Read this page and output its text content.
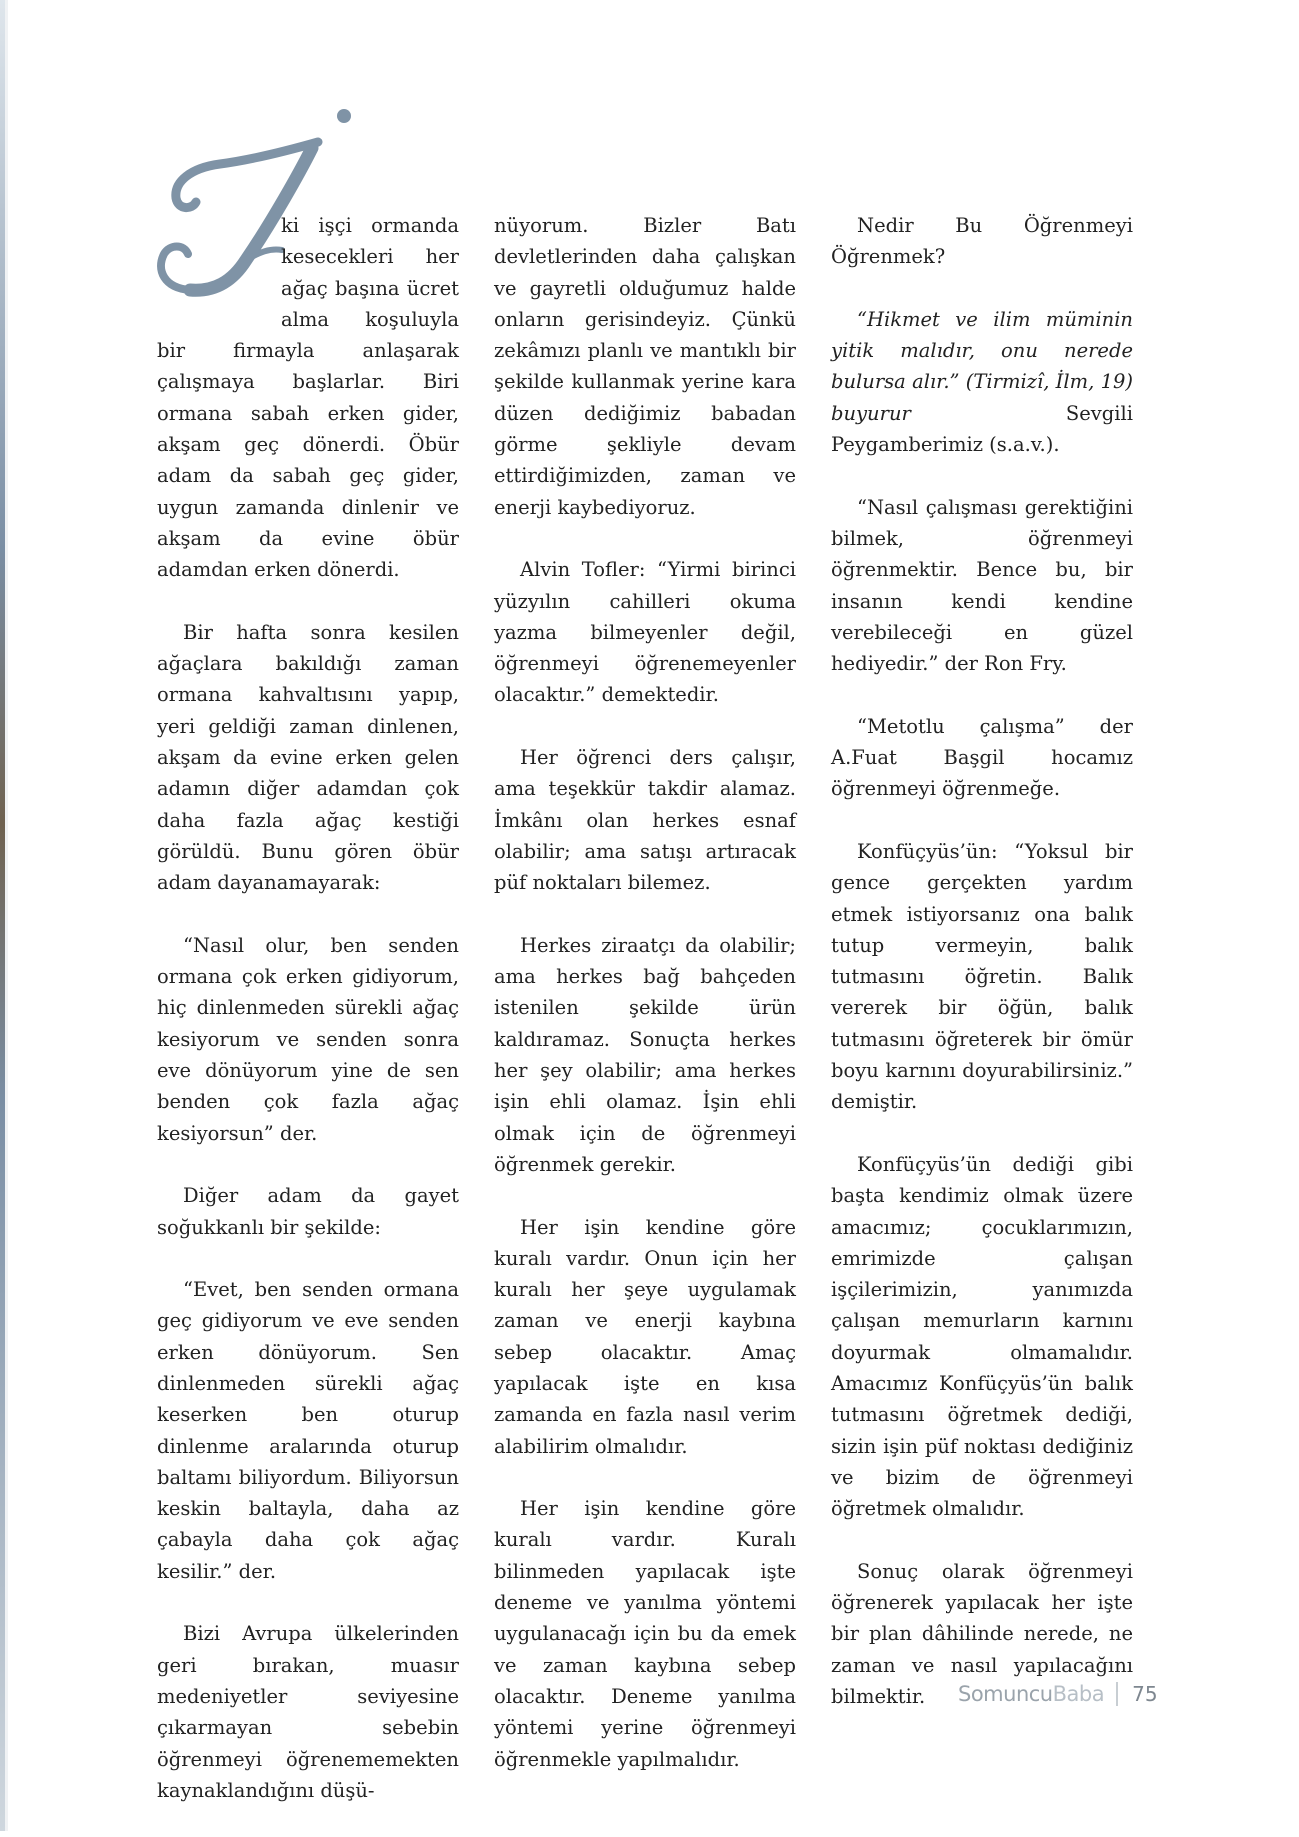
ki işçi ormanda kesecekleri her ağaç başına ücret alma koşuluyla bir firmayla anlaşarak çalışmaya başlarlar. Biri ormana sabah erken gider, akşam geç dönerdi. Öbür adam da sabah geç gider, uygun zamanda dinlenir ve akşam da evine öbür adamdan erken dönerdi.

Bir hafta sonra kesilen ağaçlara bakıldığı zaman ormana kahvaltısını yapıp, yeri geldiği zaman dinlenen, akşam da evine erken gelen adamın diğer adamdan çok daha fazla ağaç kestiği görüldü. Bunu gören öbür adam dayanamayarak:

“Nasıl olur, ben senden ormana çok erken gidiyorum, hiç dinlenmeden sürekli ağaç kesiyorum ve senden sonra eve dönüyorum yine de sen benden çok fazla ağaç kesiyorsun” der.

Diğer adam da gayet soğukkanlı bir şekilde:

“Evet, ben senden ormana geç gidiyorum ve eve senden erken dönüyorum. Sen dinlenmeden sürekli ağaç keserken ben oturup dinlenme aralarında oturup baltamı biliyordum. Biliyorsun keskin baltayla, daha az çabayla daha çok ağaç kesilir.” der.

Bizi Avrupa ülkelerinden geri bırakan, muasır medeniyetler seviyesine çıkarmayan sebebin öğrenmeyi öğrenememekten kaynaklandığını düşü-

nüyorum. Bizler Batı devletlerinden daha çalışkan ve gayretli olduğumuz halde onların gerisindeyiz. Çünkü zekâmızı planlı ve mantıklı bir şekilde kullanmak yerine kara düzen dediğimiz babadan görme şekliyle devam ettirdiğimizden, zaman ve enerji kaybediyoruz.

Alvin Tofler: “Yirmi birinci yüzyılın cahilleri okuma yazma bilmeyenler değil, öğrenmeyi öğrenemeyenler olacaktır.” demektedir.

Her öğrenci ders çalışır, ama teşekkür takdir alamaz. İmkânı olan herkes esnaf olabilir; ama satışı artıracak püf noktaları bilemez.

Herkes ziraatçı da olabilir; ama herkes bağ bahçeden istenilen şekilde ürün kaldıramaz. Sonuçta herkes her şey olabilir; ama herkes işin ehli olamaz. İşin ehli olmak için de öğrenmeyi öğrenmek gerekir.

Her işin kendine göre kuralı vardır. Onun için her kuralı her şeye uygulamak zaman ve enerji kaybına sebep olacaktır. Amaç yapılacak işte en kısa zamanda en fazla nasıl verim alabilirim olmalıdır.

Her işin kendine göre kuralı vardır. Kuralı bilinmeden yapılacak işte deneme ve yanılma yöntemi uygulanacağı için bu da emek ve zaman kaybına sebep olacaktır. Deneme yanılma yöntemi yerine öğrenmeyi öğrenmekle yapılmalıdır.

Nedir Bu Öğrenmeyi Öğrenmek?

“Hikmet ve ilim müminin yitik malıdır, onu nerede bulursa alır.” (Tirmizî, İlm, 19) buyurur Sevgili Peygamberimiz (s.a.v.).

“Nasıl çalışması gerektiğini bilmek, öğrenmeyi öğrenmektir. Bence bu, bir insanın kendi kendine verebileceği en güzel hediyedir.” der Ron Fry.

“Metotlu çalışma” der A.Fuat Başgil hocamız öğrenmeyi öğrenmeğe.

Konfüçyüs’ün: “Yoksul bir gence gerçekten yardım etmek istiyorsanız ona balık tutup vermeyin, balık tutmasını öğretin. Balık vererek bir öğün, balık tutmasını öğreterek bir ömür boyu karnını doyurabilirsiniz.” demiştir.

Konfüçyüs’ün dediği gibi başta kendimiz olmak üzere amacımız; çocuklarımızın, emrimizde çalışan işçilerimizin, yanımızda çalışan memurların karnını doyurmak olmamalıdır. Amacımız Konfüçyüs’ün balık tutmasını öğretmek dediği, sizin işin püf noktası dediğiniz ve bizim de öğrenmeyi öğretmek olmalıdır.

Sonuç olarak öğrenmeyi öğrenerek yapılacak her işte bir plan dâhilinde nerede, ne zaman ve nasıl yapılacağını bilmektir.	Somuncu Baba 75
